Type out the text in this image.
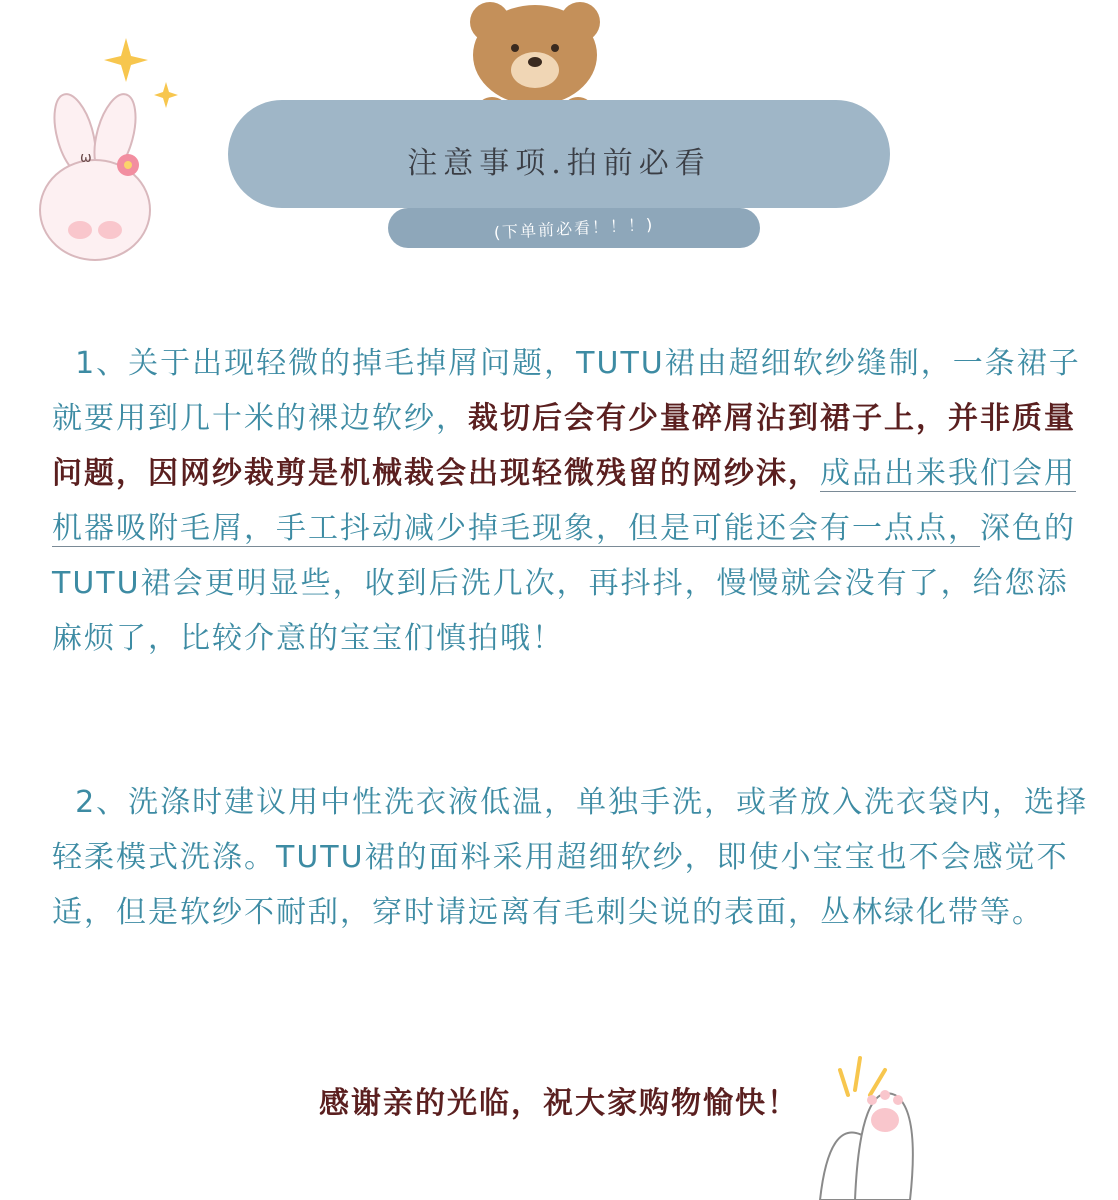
ω	注意事项.拍前必看
(下单前必看！！！)
1、关于出现轻微的掉毛掉屑问题，TUTU裙由超细软纱缝制，一条裙子就要用到几十米的裸边软纱，裁切后会有少量碎屑沾到裙子上，并非质量问题，因网纱裁剪是机械裁会出现轻微残留的网纱沫，成品出来我们会用机器吸附毛屑，手工抖动减少掉毛现象，但是可能还会有一点点，深色的TUTU裙会更明显些，收到后洗几次，再抖抖，慢慢就会没有了，给您添麻烦了，比较介意的宝宝们慎拍哦！
2、洗涤时建议用中性洗衣液低温，单独手洗，或者放入洗衣袋内，选择轻柔模式洗涤。TUTU裙的面料采用超细软纱，即使小宝宝也不会感觉不适，但是软纱不耐刮，穿时请远离有毛刺尖说的表面，丛林绿化带等。
感谢亲的光临，祝大家购物愉快！
